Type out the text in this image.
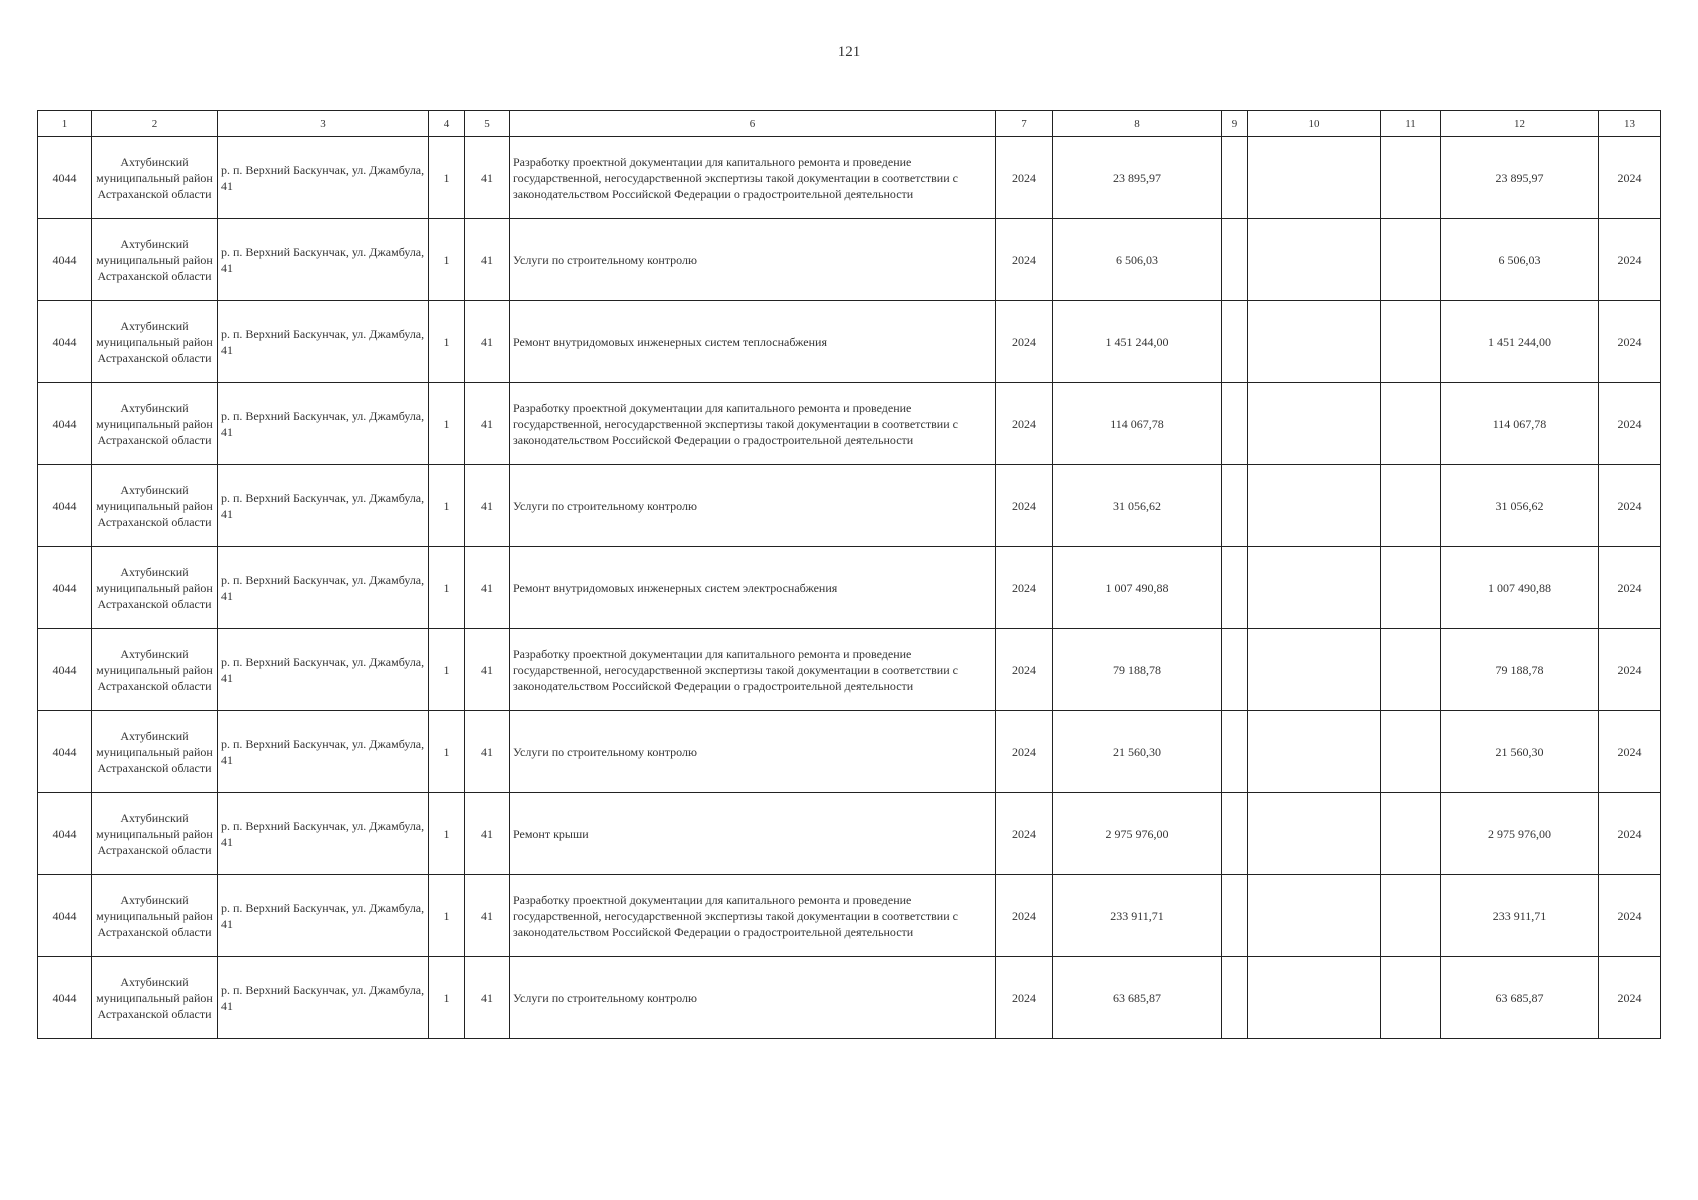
121
1	2	3	4	5	6	7	8	9	10	11	12	13
4044	Ахтубинский муниципальный район Астраханской области	р. п. Верхний Баскунчак, ул. Джамбула, 41	1	41	Разработку проектной документации для капитального ремонта и проведение государственной, негосударственной экспертизы такой документации в соответствии с законодательством Российской Федерации о градостроительной деятельности	2024	23 895,97				23 895,97	2024
4044	Ахтубинский муниципальный район Астраханской области	р. п. Верхний Баскунчак, ул. Джамбула, 41	1	41	Услуги по строительному контролю	2024	6 506,03				6 506,03	2024
4044	Ахтубинский муниципальный район Астраханской области	р. п. Верхний Баскунчак, ул. Джамбула, 41	1	41	Ремонт внутридомовых инженерных систем теплоснабжения	2024	1 451 244,00				1 451 244,00	2024
4044	Ахтубинский муниципальный район Астраханской области	р. п. Верхний Баскунчак, ул. Джамбула, 41	1	41	Разработку проектной документации для капитального ремонта и проведение государственной, негосударственной экспертизы такой документации в соответствии с законодательством Российской Федерации о градостроительной деятельности	2024	114 067,78				114 067,78	2024
4044	Ахтубинский муниципальный район Астраханской области	р. п. Верхний Баскунчак, ул. Джамбула, 41	1	41	Услуги по строительному контролю	2024	31 056,62				31 056,62	2024
4044	Ахтубинский муниципальный район Астраханской области	р. п. Верхний Баскунчак, ул. Джамбула, 41	1	41	Ремонт внутридомовых инженерных систем электроснабжения	2024	1 007 490,88				1 007 490,88	2024
4044	Ахтубинский муниципальный район Астраханской области	р. п. Верхний Баскунчак, ул. Джамбула, 41	1	41	Разработку проектной документации для капитального ремонта и проведение государственной, негосударственной экспертизы такой документации в соответствии с законодательством Российской Федерации о градостроительной деятельности	2024	79 188,78				79 188,78	2024
4044	Ахтубинский муниципальный район Астраханской области	р. п. Верхний Баскунчак, ул. Джамбула, 41	1	41	Услуги по строительному контролю	2024	21 560,30				21 560,30	2024
4044	Ахтубинский муниципальный район Астраханской области	р. п. Верхний Баскунчак, ул. Джамбула, 41	1	41	Ремонт крыши	2024	2 975 976,00				2 975 976,00	2024
4044	Ахтубинский муниципальный район Астраханской области	р. п. Верхний Баскунчак, ул. Джамбула, 41	1	41	Разработку проектной документации для капитального ремонта и проведение государственной, негосударственной экспертизы такой документации в соответствии с законодательством Российской Федерации о градостроительной деятельности	2024	233 911,71				233 911,71	2024
4044	Ахтубинский муниципальный район Астраханской области	р. п. Верхний Баскунчак, ул. Джамбула, 41	1	41	Услуги по строительному контролю	2024	63 685,87				63 685,87	2024
